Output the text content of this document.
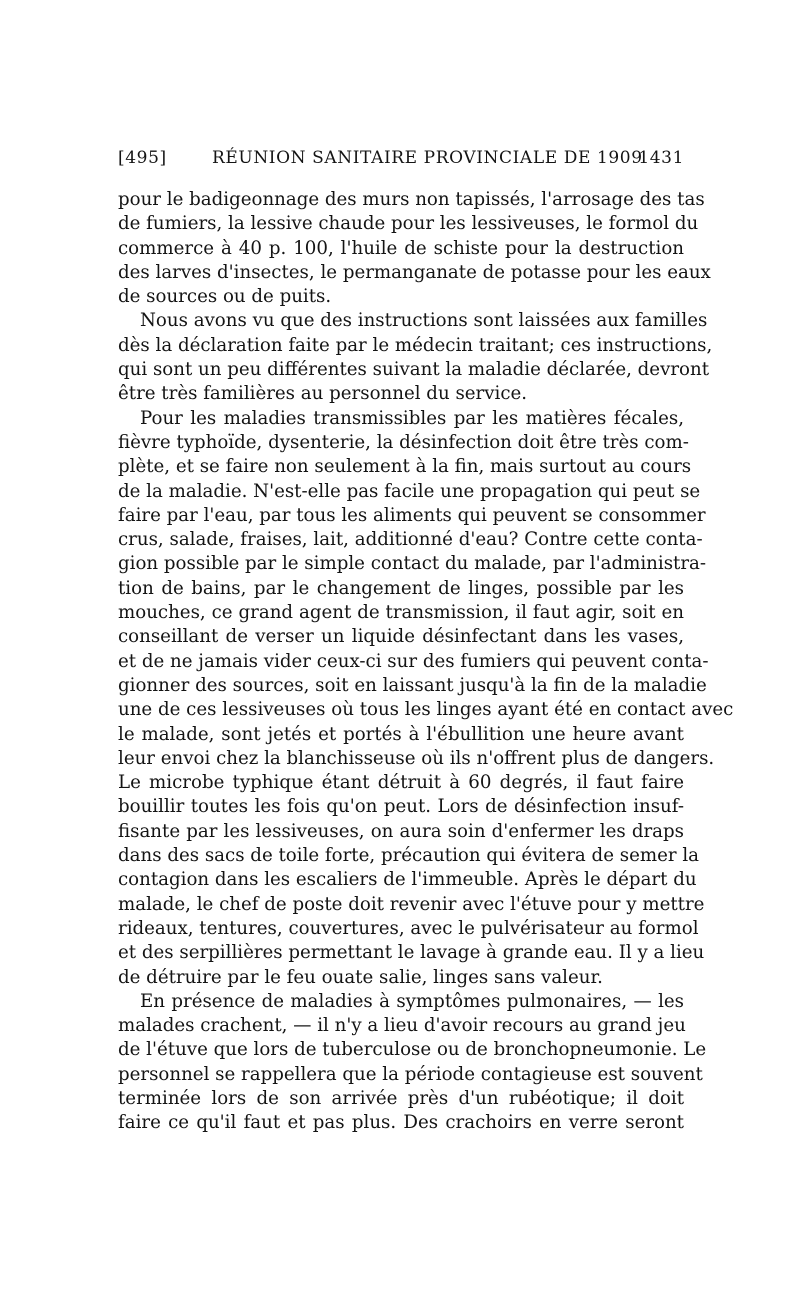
[495]	RÉUNION SANITAIRE PROVINCIALE DE 1909
1431
pour le badigeonnage des murs non tapissés, l'arrosage des tas
de fumiers, la lessive chaude pour les lessiveuses, le formol du
commerce à 40 p. 100, l'huile de schiste pour la destruction
des larves d'insectes, le permanganate de potasse pour les eaux
de sources ou de puits.
Nous avons vu que des instructions sont laissées aux familles
dès la déclaration faite par le médecin traitant; ces instructions,
qui sont un peu différentes suivant la maladie déclarée, devront
être très familières au personnel du service.
Pour les maladies transmissibles par les matières fécales,
fièvre typhoïde, dysenterie, la désinfection doit être très com-
plète, et se faire non seulement à la fin, mais surtout au cours
de la maladie. N'est-elle pas facile une propagation qui peut se
faire par l'eau, par tous les aliments qui peuvent se consommer
crus, salade, fraises, lait, additionné d'eau? Contre cette conta-
gion possible par le simple contact du malade, par l'administra-
tion de bains, par le changement de linges, possible par les
mouches, ce grand agent de transmission, il faut agir, soit en
conseillant de verser un liquide désinfectant dans les vases,
et de ne jamais vider ceux-ci sur des fumiers qui peuvent conta-
gionner des sources, soit en laissant jusqu'à la fin de la maladie
une de ces lessiveuses où tous les linges ayant été en contact avec
le malade, sont jetés et portés à l'ébullition une heure avant
leur envoi chez la blanchisseuse où ils n'offrent plus de dangers.
Le microbe typhique étant détruit à 60 degrés, il faut faire
bouillir toutes les fois qu'on peut. Lors de désinfection insuf-
fisante par les lessiveuses, on aura soin d'enfermer les draps
dans des sacs de toile forte, précaution qui évitera de semer la
contagion dans les escaliers de l'immeuble. Après le départ du
malade, le chef de poste doit revenir avec l'étuve pour y mettre
rideaux, tentures, couvertures, avec le pulvérisateur au formol
et des serpillières permettant le lavage à grande eau. Il y a lieu
de détruire par le feu ouate salie, linges sans valeur.
En présence de maladies à symptômes pulmonaires, — les
malades crachent, — il n'y a lieu d'avoir recours au grand jeu
de l'étuve que lors de tuberculose ou de bronchopneumonie. Le
personnel se rappellera que la période contagieuse est souvent
terminée lors de son arrivée près d'un rubéotique; il doit
faire ce qu'il faut et pas plus. Des crachoirs en verre seront
